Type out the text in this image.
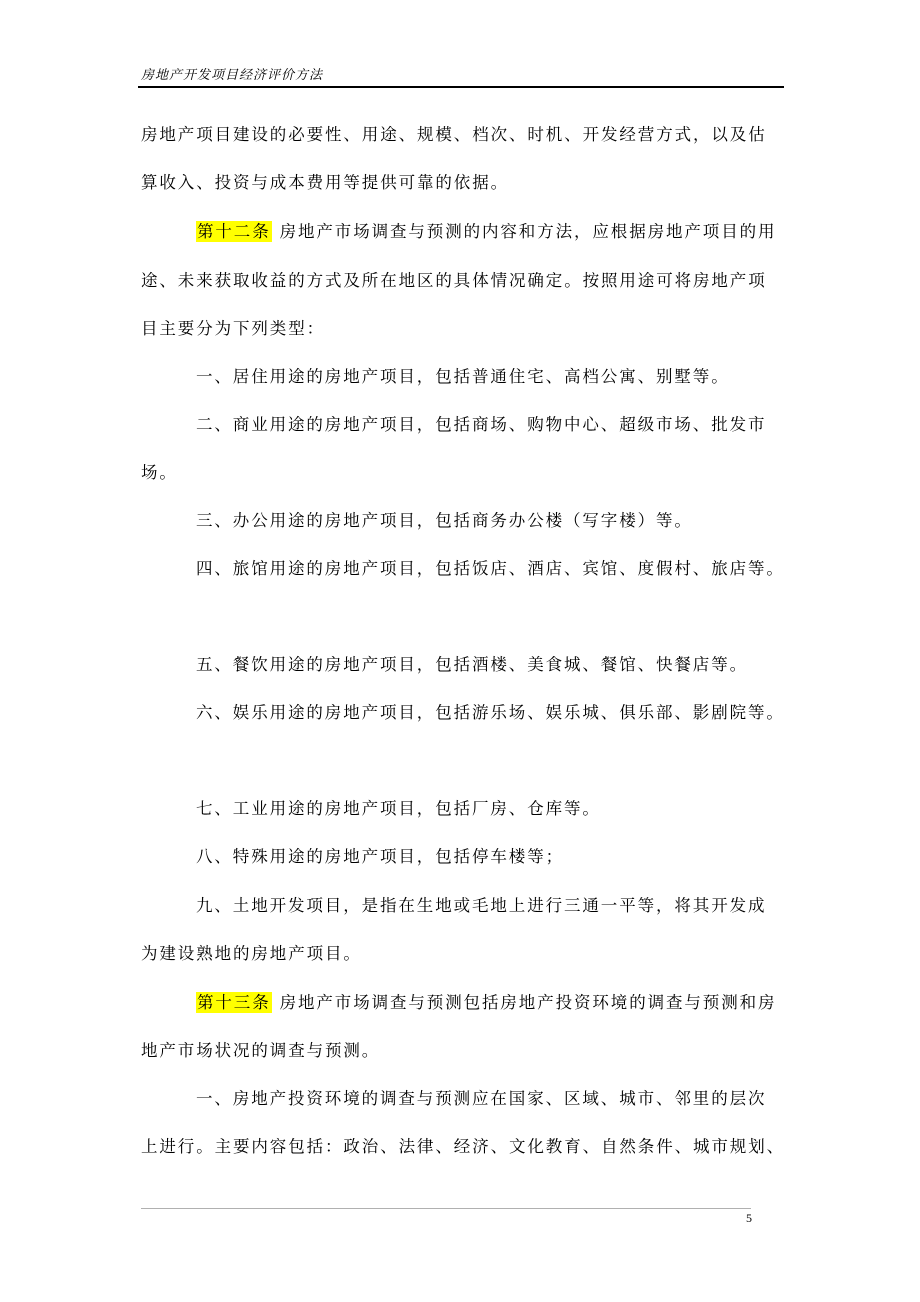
房地产开发项目经济评价方法
房地产项目建设的必要性、用途、规模、档次、时机、开发经营方式，以及估
算收入、投资与成本费用等提供可靠的依据。
第十二条 房地产市场调查与预测的内容和方法，应根据房地产项目的用
途、未来获取收益的方式及所在地区的具体情况确定。按照用途可将房地产项
目主要分为下列类型：
一、居住用途的房地产项目，包括普通住宅、高档公寓、别墅等。
二、商业用途的房地产项目，包括商场、购物中心、超级市场、批发市
场。
三、办公用途的房地产项目，包括商务办公楼（写字楼）等。
四、旅馆用途的房地产项目，包括饭店、酒店、宾馆、度假村、旅店等。
五、餐饮用途的房地产项目，包括酒楼、美食城、餐馆、快餐店等。
六、娱乐用途的房地产项目，包括游乐场、娱乐城、俱乐部、影剧院等。
七、工业用途的房地产项目，包括厂房、仓库等。
八、特殊用途的房地产项目，包括停车楼等；
九、土地开发项目，是指在生地或毛地上进行三通一平等，将其开发成
为建设熟地的房地产项目。
第十三条 房地产市场调查与预测包括房地产投资环境的调查与预测和房
地产市场状况的调查与预测。
一、房地产投资环境的调查与预测应在国家、区域、城市、邻里的层次
上进行。主要内容包括：政治、法律、经济、文化教育、自然条件、城市规划、
5
